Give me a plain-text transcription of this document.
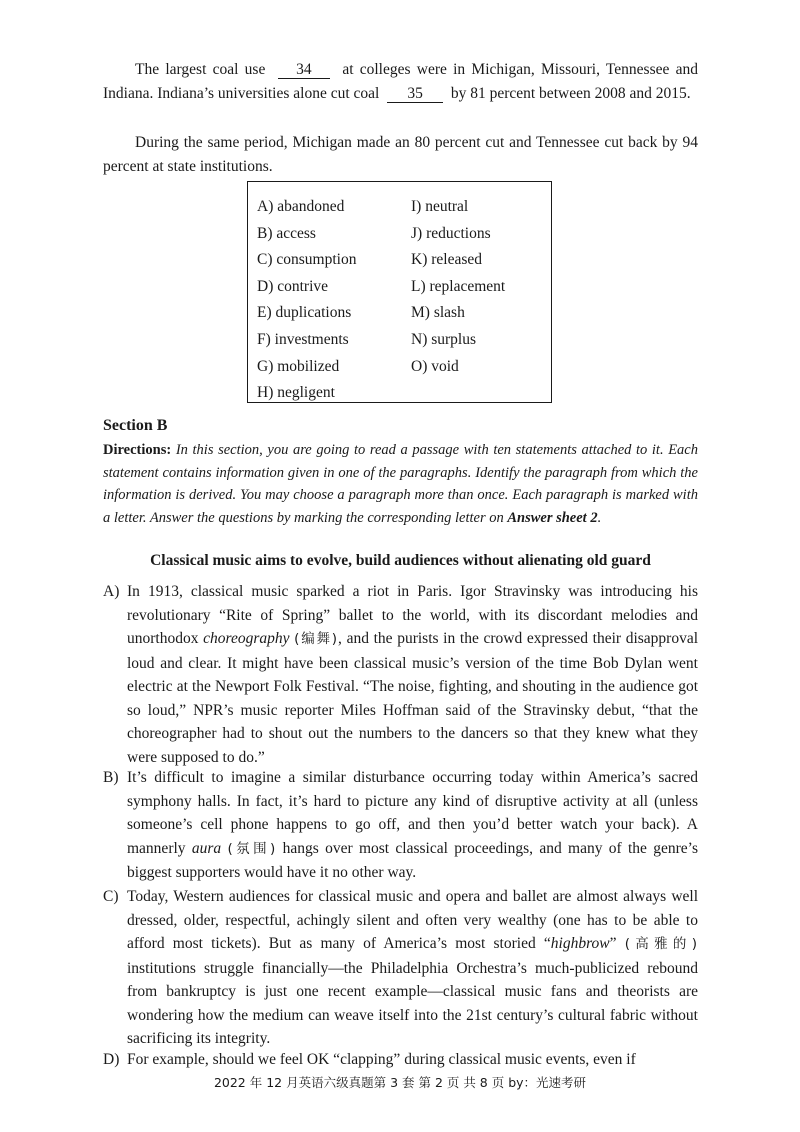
The largest coal use 34 at colleges were in Michigan, Missouri, Tennessee and Indiana. Indiana’s universities alone cut coal 35 by 81 percent between 2008 and 2015.

During the same period, Michigan made an 80 percent cut and Tennessee cut back by 94 percent at state institutions.

A) abandoned
B) access
C) consumption
D) contrive
E) duplications
F) investments
G) mobilized
H) negligent
I) neutral
J) reductions
K) released
L) replacement
M) slash
N) surplus
O) void
Section B

Directions: In this section, you are going to read a passage with ten statements attached to it. Each statement contains information given in one of the paragraphs. Identify the paragraph from which the information is derived. You may choose a paragraph more than once. Each paragraph is marked with a letter. Answer the questions by marking the corresponding letter on Answer sheet 2.

Classical music aims to evolve, build audiences without alienating old guard
A) In 1913, classical music sparked a riot in Paris. Igor Stravinsky was introducing his revolutionary “Rite of Spring” ballet to the world, with its discordant melodies and unorthodox choreography (编舞), and the purists in the crowd expressed their disapproval loud and clear. It might have been classical music’s version of the time Bob Dylan went electric at the Newport Folk Festival. “The noise, fighting, and shouting in the audience got so loud,” NPR’s music reporter Miles Hoffman said of the Stravinsky debut, “that the choreographer had to shout out the numbers to the dancers so that they knew what they were supposed to do.”

B) It’s difficult to imagine a similar disturbance occurring today within America’s sacred symphony halls. In fact, it’s hard to picture any kind of disruptive activity at all (unless someone’s cell phone happens to go off, and then you’d better watch your back). A mannerly aura (氛围) hangs over most classical proceedings, and many of the genre’s biggest supporters would have it no other way.

C) Today, Western audiences for classical music and opera and ballet are almost always well dressed, older, respectful, achingly silent and often very wealthy (one has to be able to afford most tickets). But as many of America’s most storied “highbrow” (高雅的) institutions struggle financially—the Philadelphia Orchestra’s much-publicized rebound from bankruptcy is just one recent example—classical music fans and theorists are wondering how the medium can weave itself into the 21st century’s cultural fabric without sacrificing its integrity.

D) For example, should we feel OK “clapping” during classical music events, even if

2022 年 12 月英语六级真题第 3 套 第 2 页 共 8 页 by：光速考研
